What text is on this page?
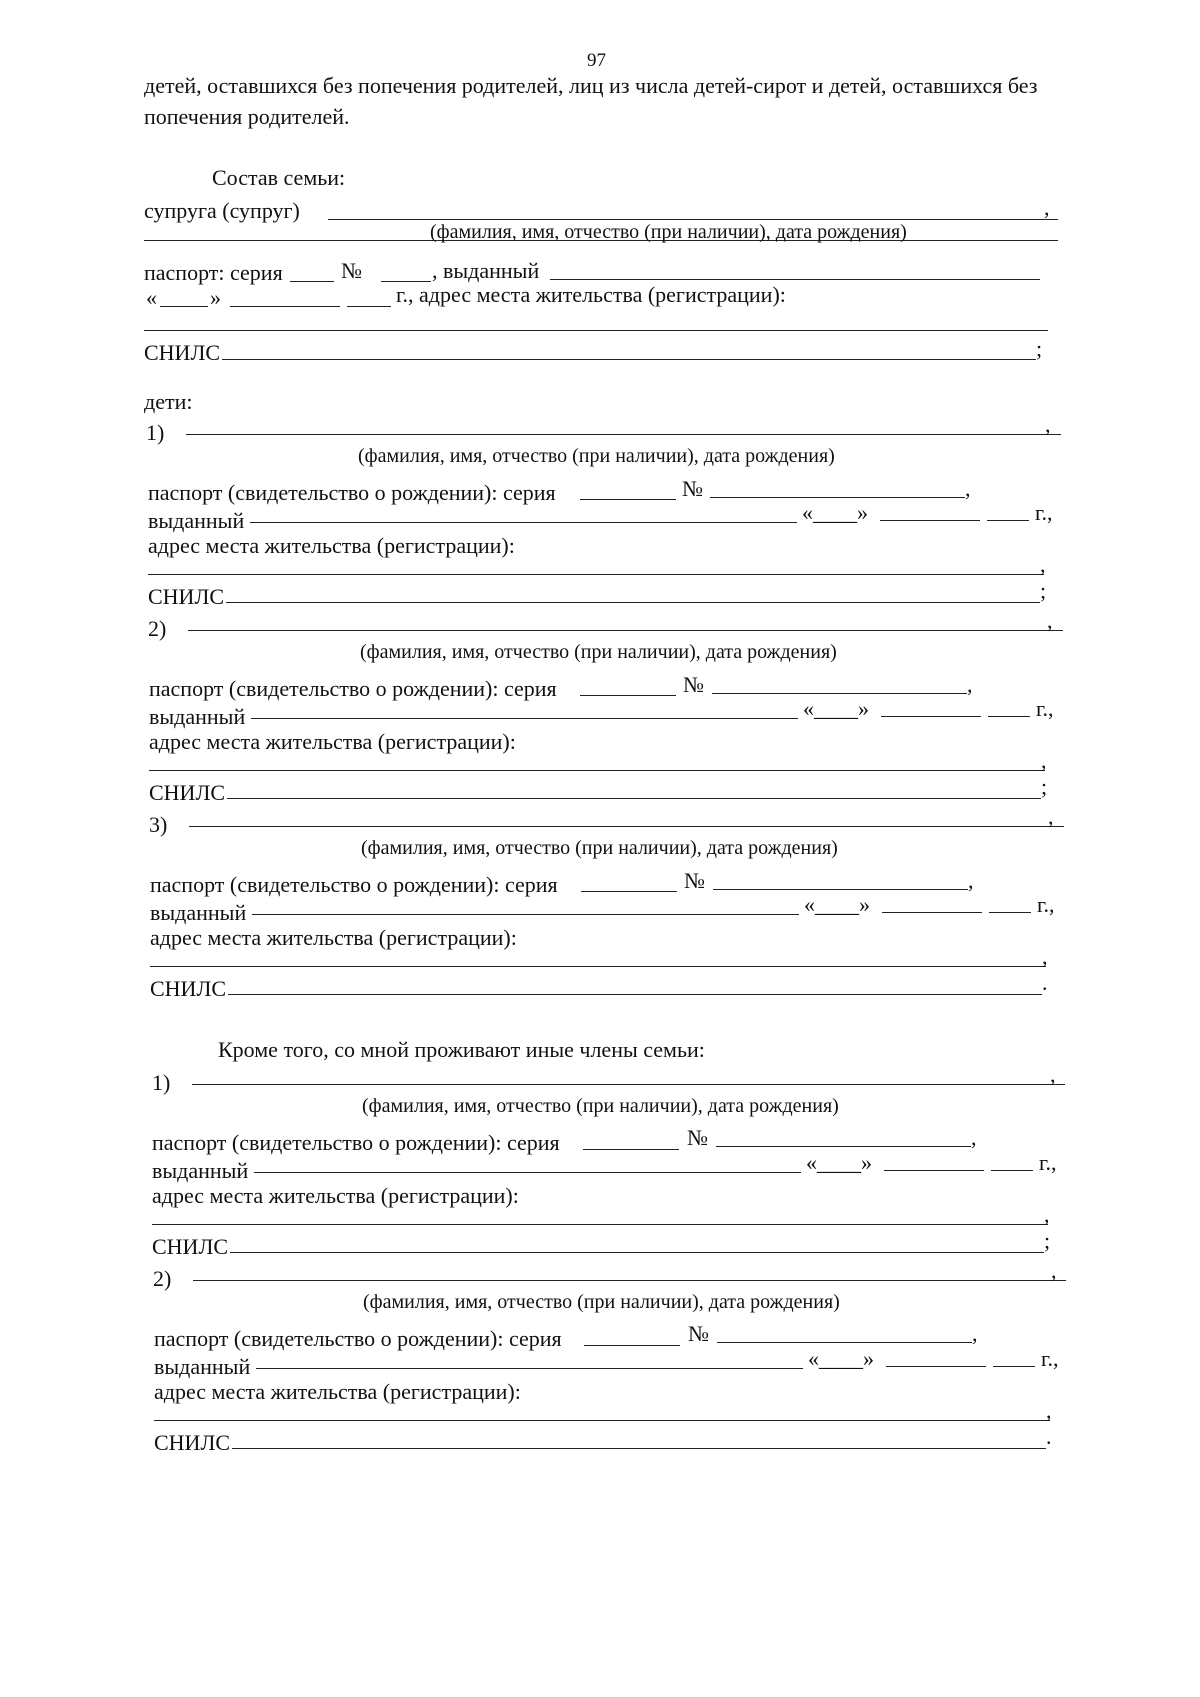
97
детей, оставшихся без попечения родителей, лиц из числа детей-сирот и детей, оставшихся без
попечения родителей.
Состав семьи:
супруга (супруг)	,
(фамилия, имя, отчество (при наличии), дата рождения)
паспорт: серия	№	, выданный
« »	г., адрес места жительства (регистрации):
СНИЛС	;
дети:
1)	,
(фамилия, имя, отчество (при наличии), дата рождения)
паспорт (свидетельство о рождении): серия	№	,
выданный	«____»	г.,
адрес места жительства (регистрации):
,
СНИЛС	;
2)	,
(фамилия, имя, отчество (при наличии), дата рождения)
паспорт (свидетельство о рождении): серия	№	,
выданный	«____»	г.,
адрес места жительства (регистрации):
,
СНИЛС	;
3)	,
(фамилия, имя, отчество (при наличии), дата рождения)
паспорт (свидетельство о рождении): серия	№	,
выданный	«____»	г.,
адрес места жительства (регистрации):
,
СНИЛС	.
Кроме того, со мной проживают иные члены семьи:
1)	,
(фамилия, имя, отчество (при наличии), дата рождения)
паспорт (свидетельство о рождении): серия	№	,
выданный	«____»	г.,
адрес места жительства (регистрации):
,
СНИЛС	;
2)	,
(фамилия, имя, отчество (при наличии), дата рождения)
паспорт (свидетельство о рождении): серия	№	,
выданный	«____»	г.,
адрес места жительства (регистрации):
,
СНИЛС	.
